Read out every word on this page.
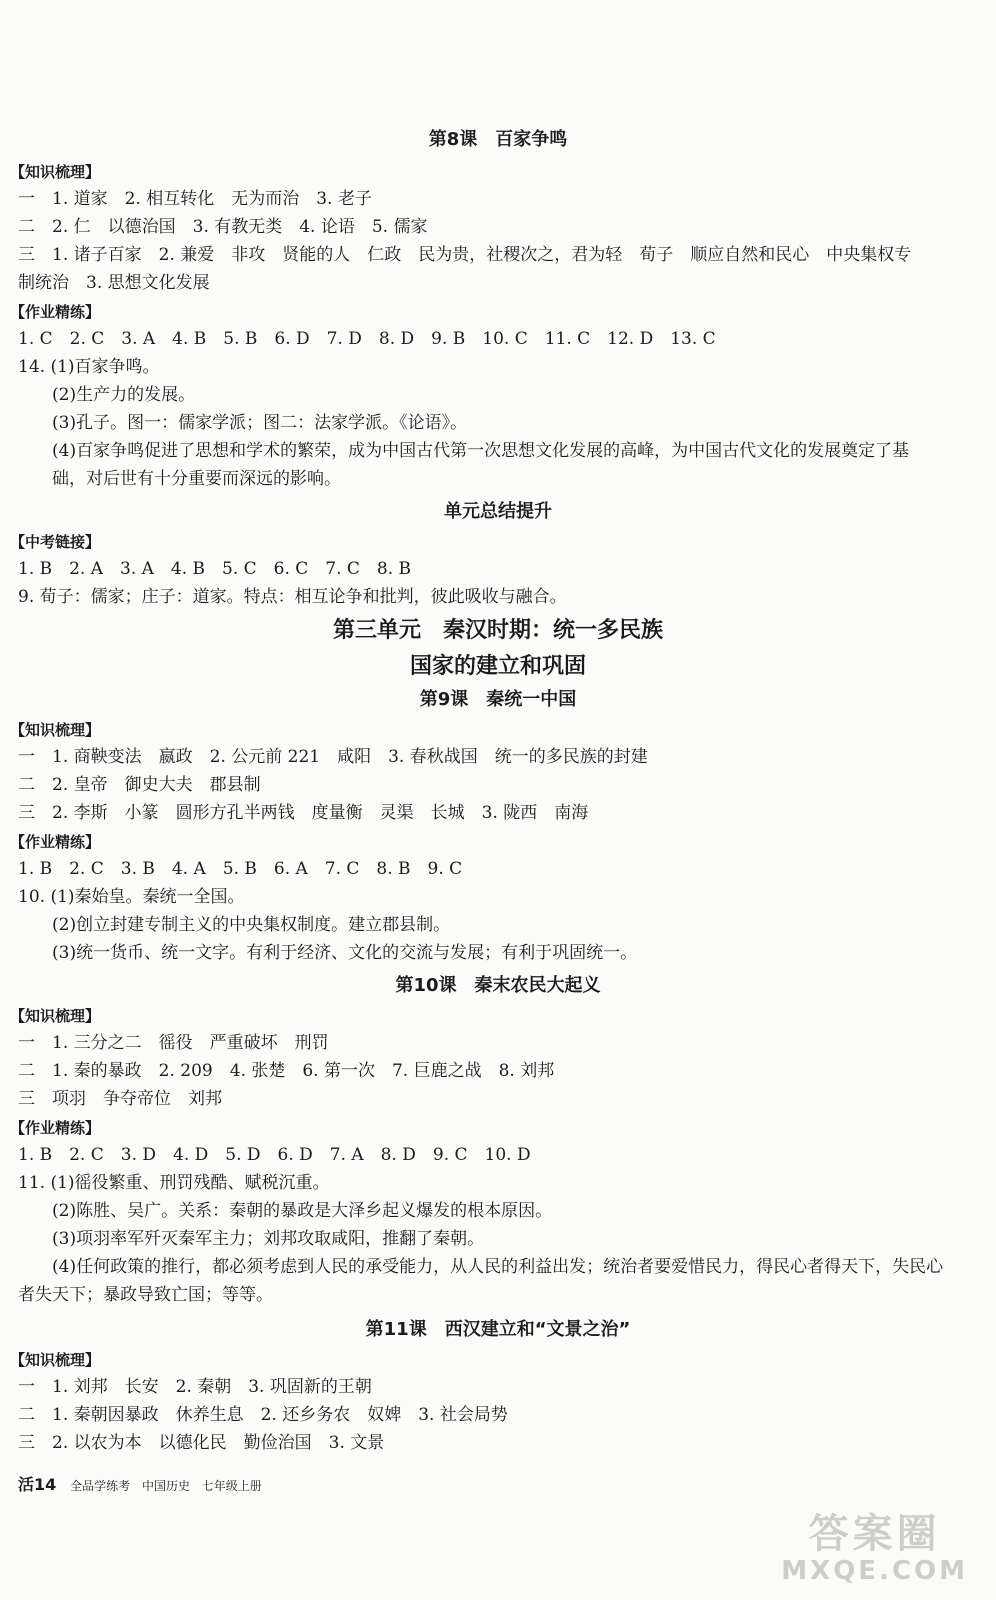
第8课　百家争鸣
【知识梳理】
一　1. 道家　2. 相互转化　无为而治　3. 老子
二　2. 仁　以德治国　3. 有教无类　4. 论语　5. 儒家
三　1. 诸子百家　2. 兼爱　非攻　贤能的人　仁政　民为贵，社稷次之，君为轻　荀子　顺应自然和民心　中央集权专
制统治　3. 思想文化发展
【作业精练】
1. C　2. C　3. A　4. B　5. B　6. D　7. D　8. D　9. B　10. C　11. C　12. D　13. C
14. (1)百家争鸣。
(2)生产力的发展。
(3)孔子。图一：儒家学派；图二：法家学派。《论语》。
(4)百家争鸣促进了思想和学术的繁荣，成为中国古代第一次思想文化发展的高峰，为中国古代文化的发展奠定了基
础，对后世有十分重要而深远的影响。
单元总结提升
【中考链接】
1. B　2. A　3. A　4. B　5. C　6. C　7. C　8. B
9. 荀子：儒家；庄子：道家。特点：相互论争和批判，彼此吸收与融合。
第三单元　秦汉时期：统一多民族
国家的建立和巩固
第9课　秦统一中国
【知识梳理】
一　1. 商鞅变法　嬴政　2. 公元前 221　咸阳　3. 春秋战国　统一的多民族的封建
二　2. 皇帝　御史大夫　郡县制
三　2. 李斯　小篆　圆形方孔半两钱　度量衡　灵渠　长城　3. 陇西　南海
【作业精练】
1. B　2. C　3. B　4. A　5. B　6. A　7. C　8. B　9. C
10. (1)秦始皇。秦统一全国。
(2)创立封建专制主义的中央集权制度。建立郡县制。
(3)统一货币、统一文字。有利于经济、文化的交流与发展；有利于巩固统一。
第10课　秦末农民大起义
【知识梳理】
一　1. 三分之二　徭役　严重破坏　刑罚
二　1. 秦的暴政　2. 209　4. 张楚　6. 第一次　7. 巨鹿之战　8. 刘邦
三　项羽　争夺帝位　刘邦
【作业精练】
1. B　2. C　3. D　4. D　5. D　6. D　7. A　8. D　9. C　10. D
11. (1)徭役繁重、刑罚残酷、赋税沉重。
(2)陈胜、吴广。关系：秦朝的暴政是大泽乡起义爆发的根本原因。
(3)项羽率军歼灭秦军主力；刘邦攻取咸阳，推翻了秦朝。
(4)任何政策的推行，都必须考虑到人民的承受能力，从人民的利益出发；统治者要爱惜民力，得民心者得天下，失民心
者失天下；暴政导致亡国；等等。
第11课　西汉建立和“文景之治”
【知识梳理】
一　1. 刘邦　长安　2. 秦朝　3. 巩固新的王朝
二　1. 秦朝因暴政　休养生息　2. 还乡务农　奴婢　3. 社会局势
三　2. 以农为本　以德化民　勤俭治国　3. 文景
活14 全品学练考 中国历史 七年级上册
答案圈
MXQE.COM
